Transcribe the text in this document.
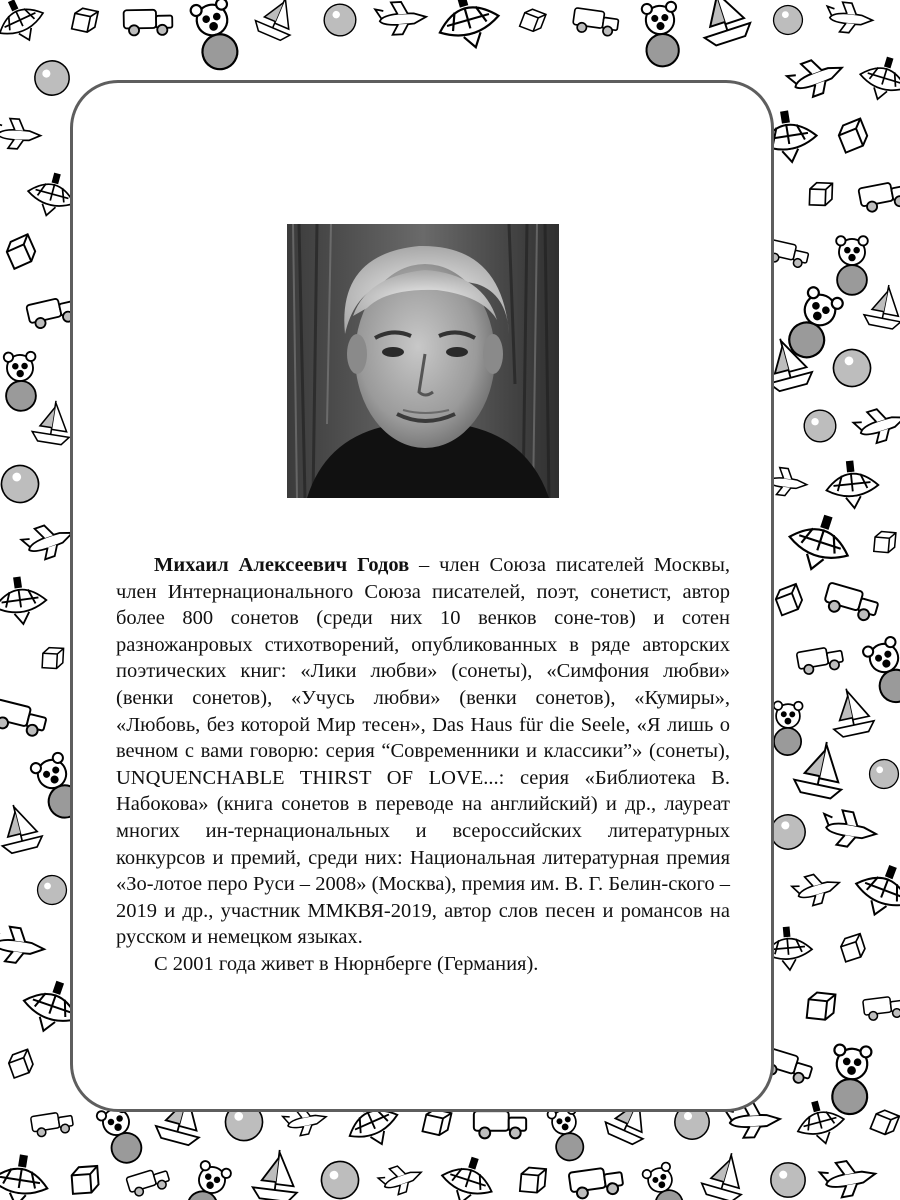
Михаил Алексеевич Годов – член Союза писателей Москвы, член Интернационального Союза писателей, поэт, сонетист, автор более 800 сонетов (среди них 10 венков соне-тов) и сотен разножанровых стихотворений, опубликованных в ряде авторских поэтических книг: «Лики любви» (сонеты), «Симфония любви» (венки сонетов), «Учусь любви» (венки сонетов), «Кумиры», «Любовь, без которой Мир тесен», Das Haus für die Seele, «Я лишь о вечном с вами говорю: серия “Современники и классики”» (сонеты), UNQUENCHABLE THIRST OF LOVE...: серия «Библиотека В. Набокова» (книга сонетов в переводе на английский) и др., лауреат многих ин-тернациональных и всероссийских литературных конкурсов и премий, среди них: Национальная литературная премия «Зо-лотое перо Руси – 2008» (Москва), премия им. В. Г. Белин-ского – 2019 и др., участник ММКВЯ-2019, автор слов песен и романсов на русском и немецком языках.

С 2001 года живет в Нюрнберге (Германия).
